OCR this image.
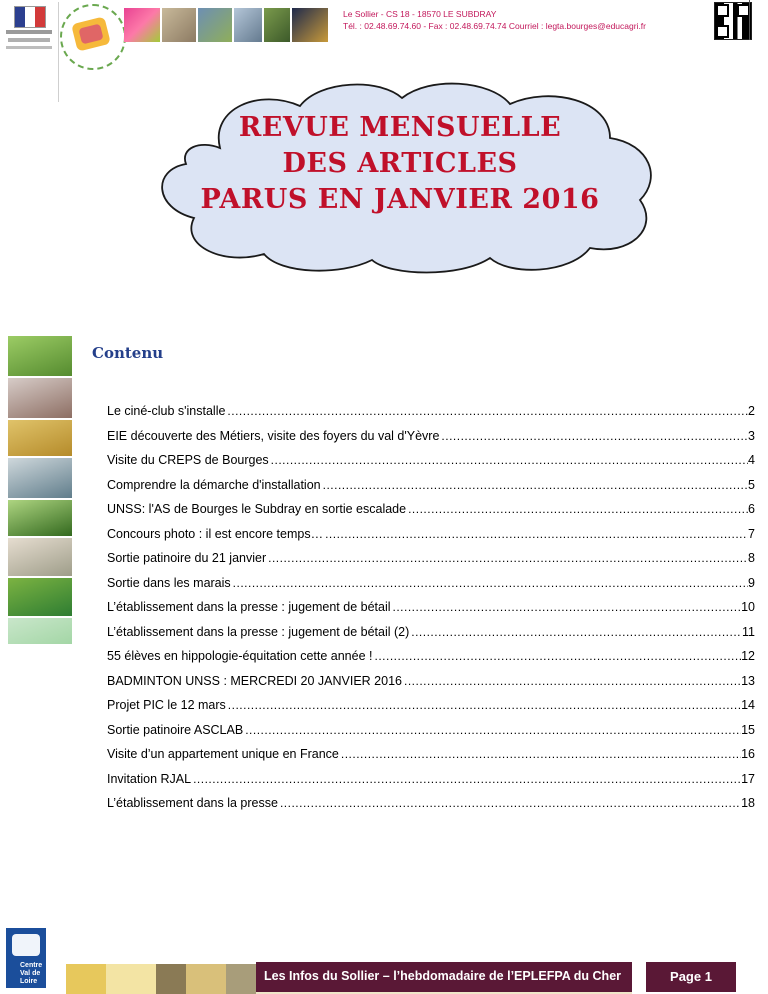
Le Sollier - CS 18 - 18570 LE SUBDRAY
Tél. : 02.48.69.74.60 - Fax : 02.48.69.74.74 Courriel : legta.bourges@educagri.fr
REVUE MENSUELLE
DES ARTICLES
PARUS EN JANVIER 2016
Contenu
Le ciné-club s'installe .....	2
EIE découverte des Métiers, visite des foyers du val d'Yèvre .....	3
Visite du CREPS de Bourges .....	4
Comprendre la démarche d'installation .....	5
UNSS: l'AS de Bourges le Subdray en sortie escalade .....	6
Concours photo : il est encore temps… .....	7
Sortie patinoire du 21 janvier .....	8
Sortie dans les marais .....	9
L’établissement dans la presse : jugement de bétail .....	10
L’établissement dans la presse : jugement de bétail (2) .....	11
55 élèves en hippologie-équitation cette année ! .....	12
BADMINTON UNSS : MERCREDI 20 JANVIER 2016 .....	13
Projet PIC le 12 mars .....	14
Sortie patinoire ASCLAB .....	15
Visite d’un appartement unique en France .....	16
Invitation RJAL .....	17
L’établissement dans la presse .....	18
Centre Val de Loire	Les Infos du Sollier – l’hebdomadaire de l’EPLEFPA du Cher	Page 1
